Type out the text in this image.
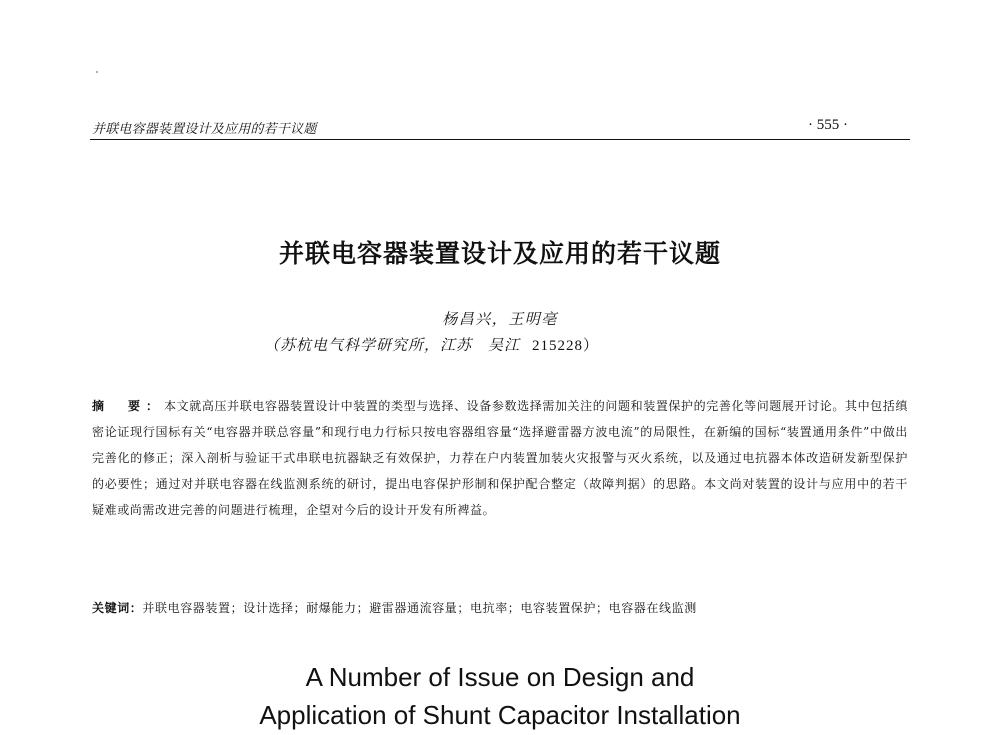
并联电容器装置设计及应用的若干议题	· 555 ·
并联电容器装置设计及应用的若干议题
杨昌兴，王明亳
（苏杭电气科学研究所，江苏　吴江 215228）
摘　要：本文就高压并联电容器装置设计中装置的类型与选择、设备参数选择需加关注的问题和装置保护的完善化等问题展开讨论。其中包括缜密论证现行国标有关“电容器并联总容量”和现行电力行标只按电容器组容量“选择避雷器方波电流”的局限性，在新编的国标“装置通用条件”中做出完善化的修正；深入剖析与验证干式串联电抗器缺乏有效保护，力荐在户内装置加装火灾报警与灭火系统，以及通过电抗器本体改造研发新型保护的必要性；通过对并联电容器在线监测系统的研讨，提出电容保护形制和保护配合整定（故障判据）的思路。本文尚对装置的设计与应用中的若干疑难或尚需改进完善的问题进行梳理，企望对今后的设计开发有所裨益。
关键词：并联电容器装置；设计选择；耐爆能力；避雷器通流容量；电抗率；电容装置保护；电容器在线监测
A Number of Issue on Design and
Application of Shunt Capacitor Installation
